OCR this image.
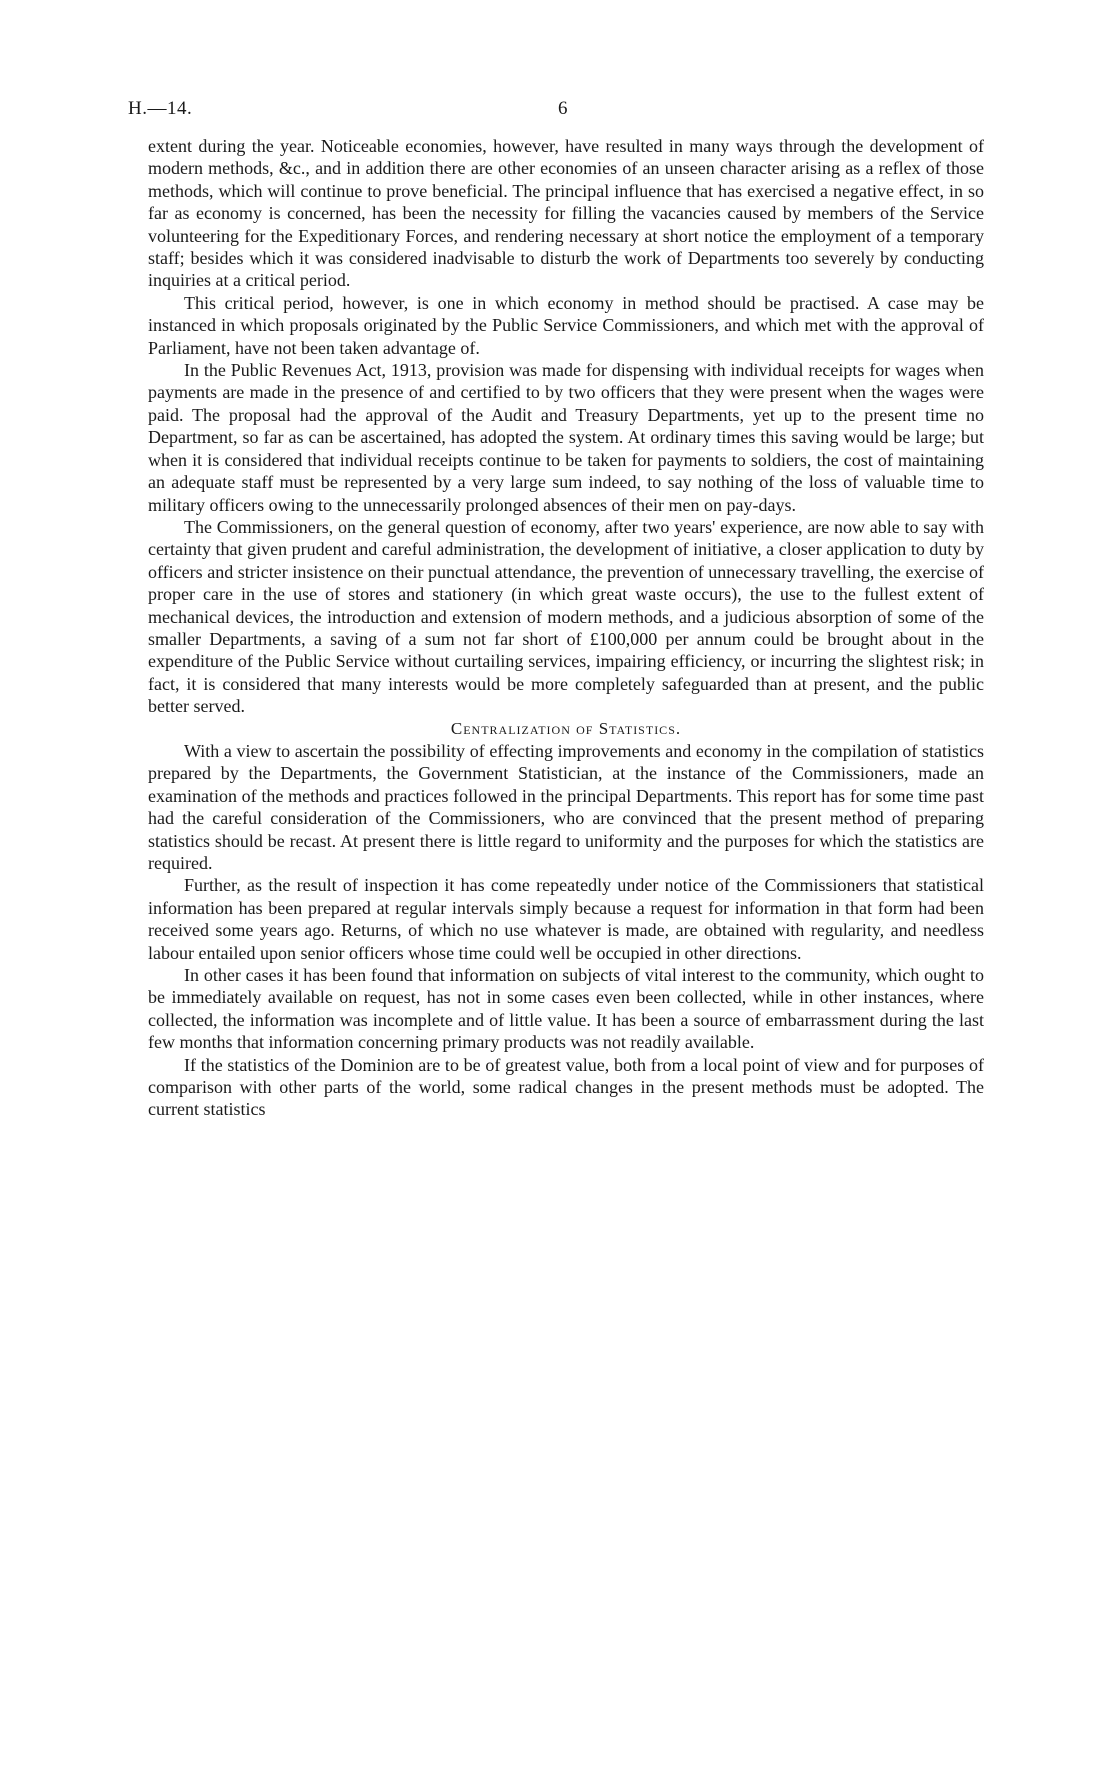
H.—14.	6

extent during the year. Noticeable economies, however, have resulted in many ways through the development of modern methods, &c., and in addition there are other economies of an unseen character arising as a reflex of those methods, which will continue to prove beneficial. The principal influence that has exercised a negative effect, in so far as economy is concerned, has been the necessity for filling the vacancies caused by members of the Service volunteering for the Expeditionary Forces, and rendering necessary at short notice the employment of a temporary staff; besides which it was considered inadvisable to disturb the work of Departments too severely by conducting inquiries at a critical period.

This critical period, however, is one in which economy in method should be practised. A case may be instanced in which proposals originated by the Public Service Commissioners, and which met with the approval of Parliament, have not been taken advantage of.

In the Public Revenues Act, 1913, provision was made for dispensing with individual receipts for wages when payments are made in the presence of and certified to by two officers that they were present when the wages were paid. The proposal had the approval of the Audit and Treasury Departments, yet up to the present time no Department, so far as can be ascertained, has adopted the system. At ordinary times this saving would be large; but when it is considered that individual receipts continue to be taken for payments to soldiers, the cost of maintaining an adequate staff must be represented by a very large sum indeed, to say nothing of the loss of valuable time to military officers owing to the unnecessarily prolonged absences of their men on pay-days.

The Commissioners, on the general question of economy, after two years' experience, are now able to say with certainty that given prudent and careful administration, the development of initiative, a closer application to duty by officers and stricter insistence on their punctual attendance, the prevention of unnecessary travelling, the exercise of proper care in the use of stores and stationery (in which great waste occurs), the use to the fullest extent of mechanical devices, the introduction and extension of modern methods, and a judicious absorption of some of the smaller Departments, a saving of a sum not far short of £100,000 per annum could be brought about in the expenditure of the Public Service without curtailing services, impairing efficiency, or incurring the slightest risk; in fact, it is considered that many interests would be more completely safeguarded than at present, and the public better served.

Centralization of Statistics.

With a view to ascertain the possibility of effecting improvements and economy in the compilation of statistics prepared by the Departments, the Government Statistician, at the instance of the Commissioners, made an examination of the methods and practices followed in the principal Departments. This report has for some time past had the careful consideration of the Commissioners, who are convinced that the present method of preparing statistics should be recast. At present there is little regard to uniformity and the purposes for which the statistics are required.

Further, as the result of inspection it has come repeatedly under notice of the Commissioners that statistical information has been prepared at regular intervals simply because a request for information in that form had been received some years ago. Returns, of which no use whatever is made, are obtained with regularity, and needless labour entailed upon senior officers whose time could well be occupied in other directions.

In other cases it has been found that information on subjects of vital interest to the community, which ought to be immediately available on request, has not in some cases even been collected, while in other instances, where collected, the information was incomplete and of little value. It has been a source of embarrassment during the last few months that information concerning primary products was not readily available.

If the statistics of the Dominion are to be of greatest value, both from a local point of view and for purposes of comparison with other parts of the world, some radical changes in the present methods must be adopted. The current statistics
